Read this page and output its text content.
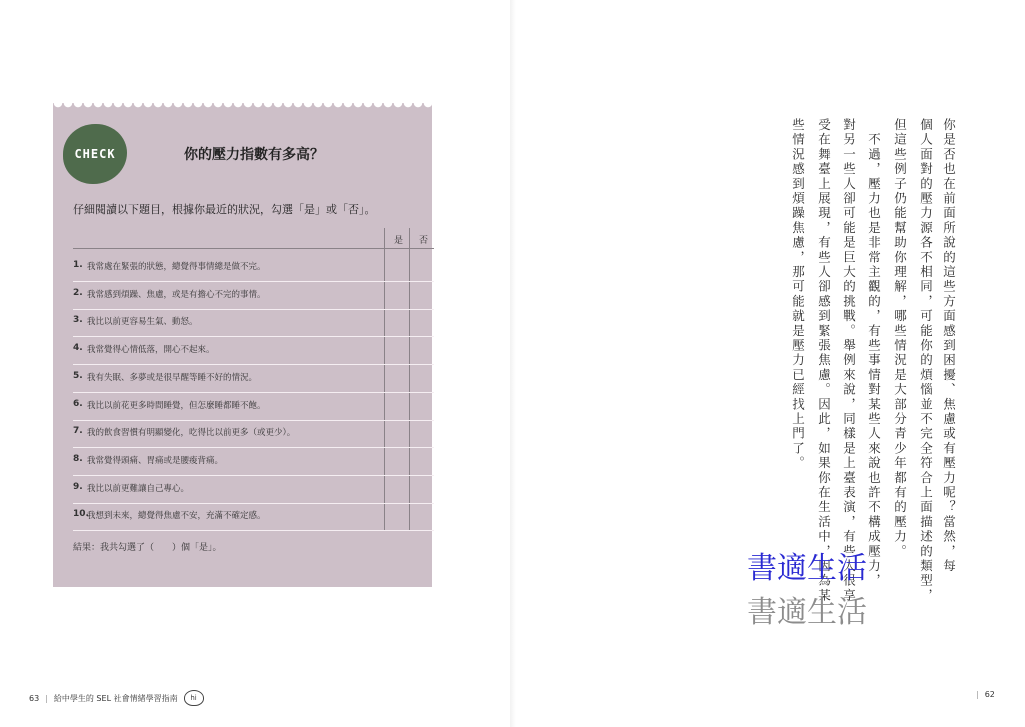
CHECK	你的壓力指數有多高？
仔細閱讀以下題目，根據你最近的狀況，勾選「是」或「否」。
是 否
1. 我常處在緊張的狀態，總覺得事情總是做不完。
2. 我常感到煩躁、焦慮，或是有擔心不完的事情。
3. 我比以前更容易生氣、動怒。
4. 我常覺得心情低落，開心不起來。
5. 我有失眠、多夢或是很早醒等睡不好的情況。
6. 我比以前花更多時間睡覺，但怎麼睡都睡不飽。
7. 我的飲食習慣有明顯變化，吃得比以前更多（或更少）。
8. 我常覺得頭痛、胃痛或是腰痠背痛。
9. 我比以前更難讓自己專心。
10.
我想到未來，總覺得焦慮不安，充滿不確定感。
結果：我共勾選了（　　）個「是」。
63 | 給中學生的 SEL 社會情緒學習指南	hi	| 62
你是否也在前面所說的這些方面感到困擾、焦慮或有壓力呢？當然，每
個人面對的壓力源各不相同，可能你的煩惱並不完全符合上面描述的類型，
但這些例子仍能幫助你理解，哪些情況是大部分青少年都有的壓力。
　不過，壓力也是非常主觀的，有些事情對某些人來說也許不構成壓力，
對另一些人卻可能是巨大的挑戰。舉例來說，同樣是上臺表演，有些人很享
受在舞臺上展現，有些人卻感到緊張焦慮。因此，如果你在生活中，因為某
些情況感到煩躁焦慮，那可能就是壓力已經找上門了。
書適生活
書適生活
